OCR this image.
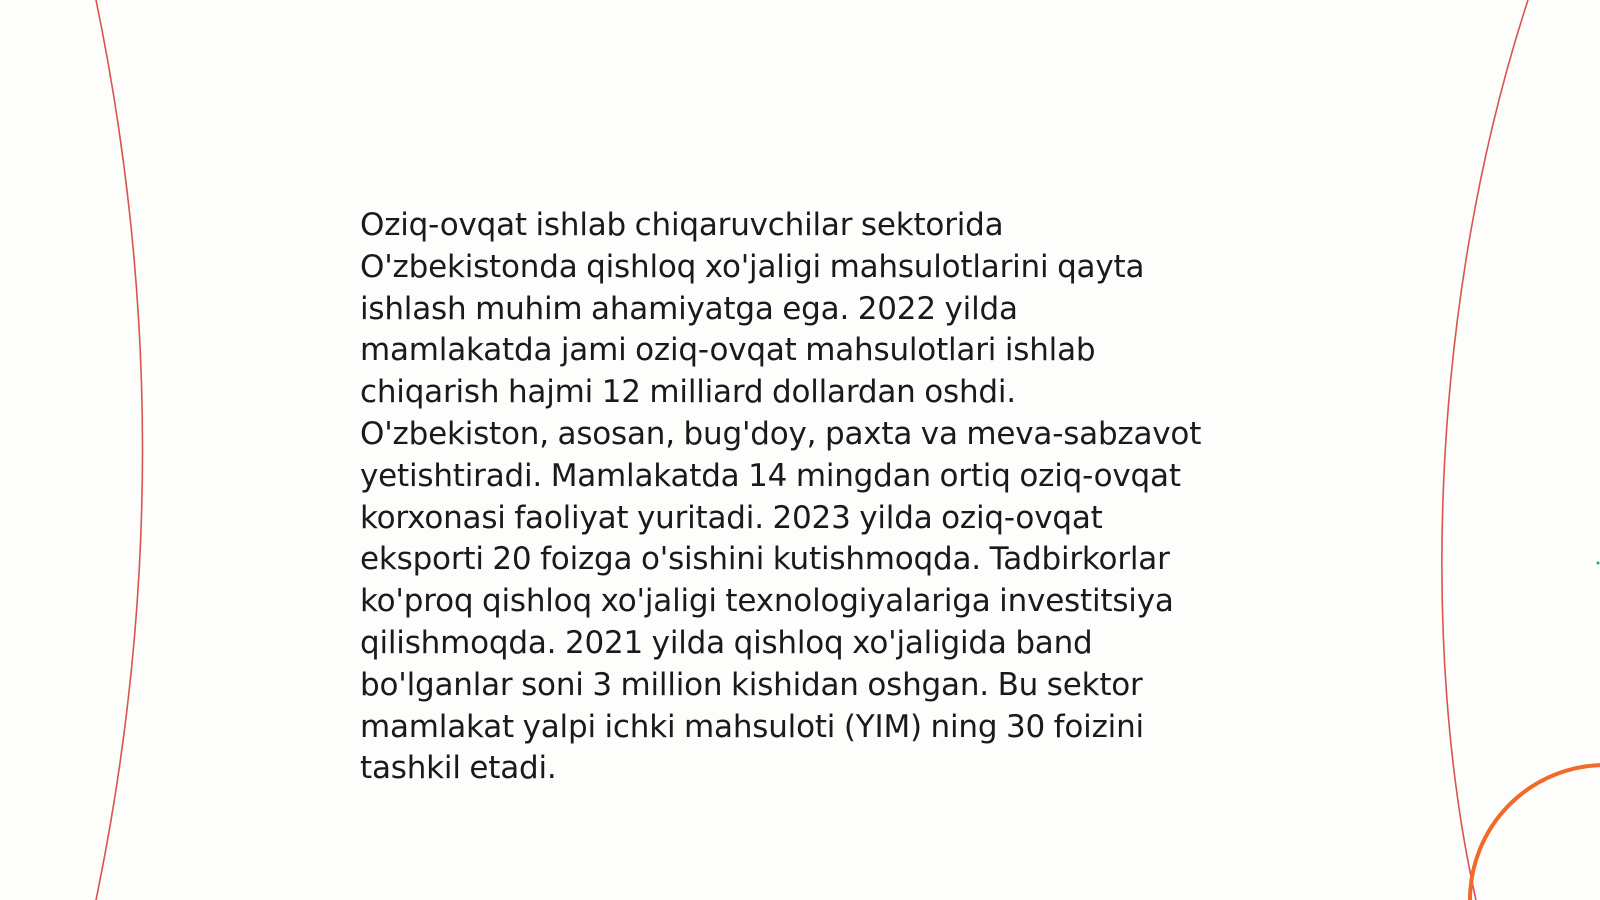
Oziq-ovqat ishlab chiqaruvchilar sektorida
O'zbekistonda qishloq xo'jaligi mahsulotlarini qayta
ishlash muhim ahamiyatga ega. 2022 yilda
mamlakatda jami oziq-ovqat mahsulotlari ishlab
chiqarish hajmi 12 milliard dollardan oshdi.
O'zbekiston, asosan, bug'doy, paxta va meva-sabzavot
yetishtiradi. Mamlakatda 14 mingdan ortiq oziq-ovqat
korxonasi faoliyat yuritadi. 2023 yilda oziq-ovqat
eksporti 20 foizga o'sishini kutishmoqda. Tadbirkorlar
ko'proq qishloq xo'jaligi texnologiyalariga investitsiya
qilishmoqda. 2021 yilda qishloq xo'jaligida band
bo'lganlar soni 3 million kishidan oshgan. Bu sektor
mamlakat yalpi ichki mahsuloti (YIM) ning 30 foizini
tashkil etadi.
